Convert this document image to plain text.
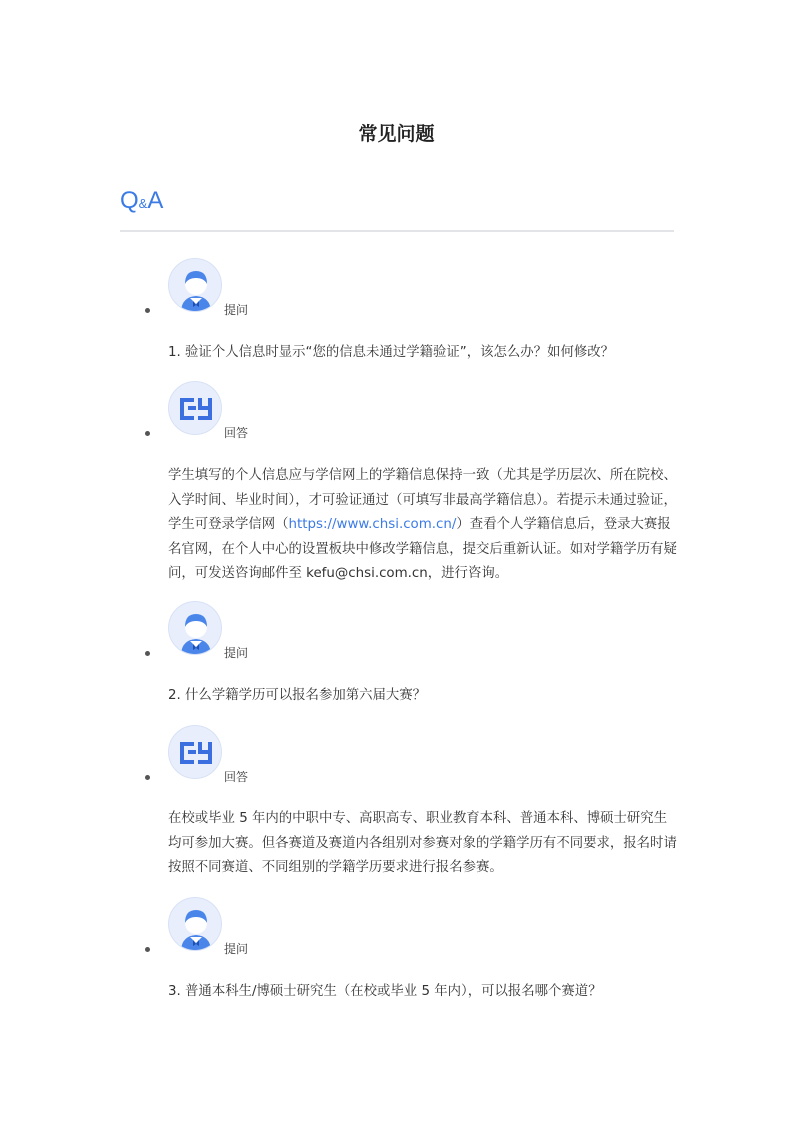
常见问题
Q&A
提问

1. 验证个人信息时显示“您的信息未通过学籍验证”，该怎么办？如何修改？

回答

学生填写的个人信息应与学信网上的学籍信息保持一致（尤其是学历层次、所在院校、入学时间、毕业时间），才可验证通过（可填写非最高学籍信息）。若提示未通过验证，学生可登录学信网（https://www.chsi.com.cn/）查看个人学籍信息后，登录大赛报名官网，在个人中心的设置板块中修改学籍信息，提交后重新认证。如对学籍学历有疑问，可发送咨询邮件至 kefu@chsi.com.cn，进行咨询。

提问

2. 什么学籍学历可以报名参加第六届大赛？

回答

在校或毕业 5 年内的中职中专、高职高专、职业教育本科、普通本科、博硕士研究生均可参加大赛。但各赛道及赛道内各组别对参赛对象的学籍学历有不同要求，报名时请按照不同赛道、不同组别的学籍学历要求进行报名参赛。

提问

3. 普通本科生/博硕士研究生（在校或毕业 5 年内），可以报名哪个赛道？
